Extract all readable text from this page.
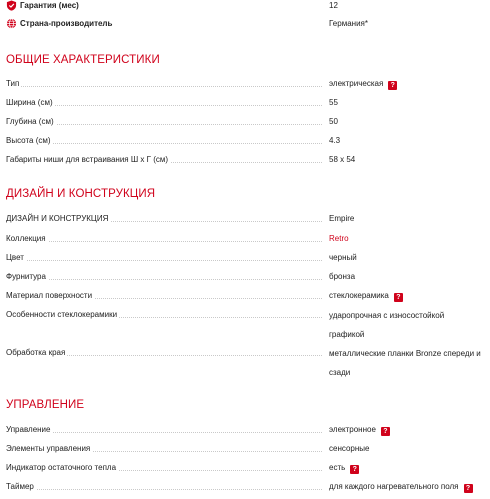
Гарантия (мес)	12
Страна-производитель	Германия*
ОБЩИЕ ХАРАКТЕРИСТИКИ
Тип	электрическая ?
Ширина (см)	55
Глубина (см)	50
Высота (см)	4.3
Габариты ниши для встраивания Ш х Г (см)	58 x 54
ДИЗАЙН И КОНСТРУКЦИЯ
ДИЗАЙН И КОНСТРУКЦИЯ	Empire
Коллекция	Retro
Цвет	черный
Фурнитура	бронза
Материал поверхности	стеклокерамика ?
Особенности стеклокерамики	ударопрочная с износостойкой
графикой
Обработка края	металлические планки Bronze спереди и
сзади
УПРАВЛЕНИЕ
Управление	электронное ?
Элементы управления	сенсорные
Индикатор остаточного тепла	есть ?
Таймер	для каждого нагревательного поля ?
